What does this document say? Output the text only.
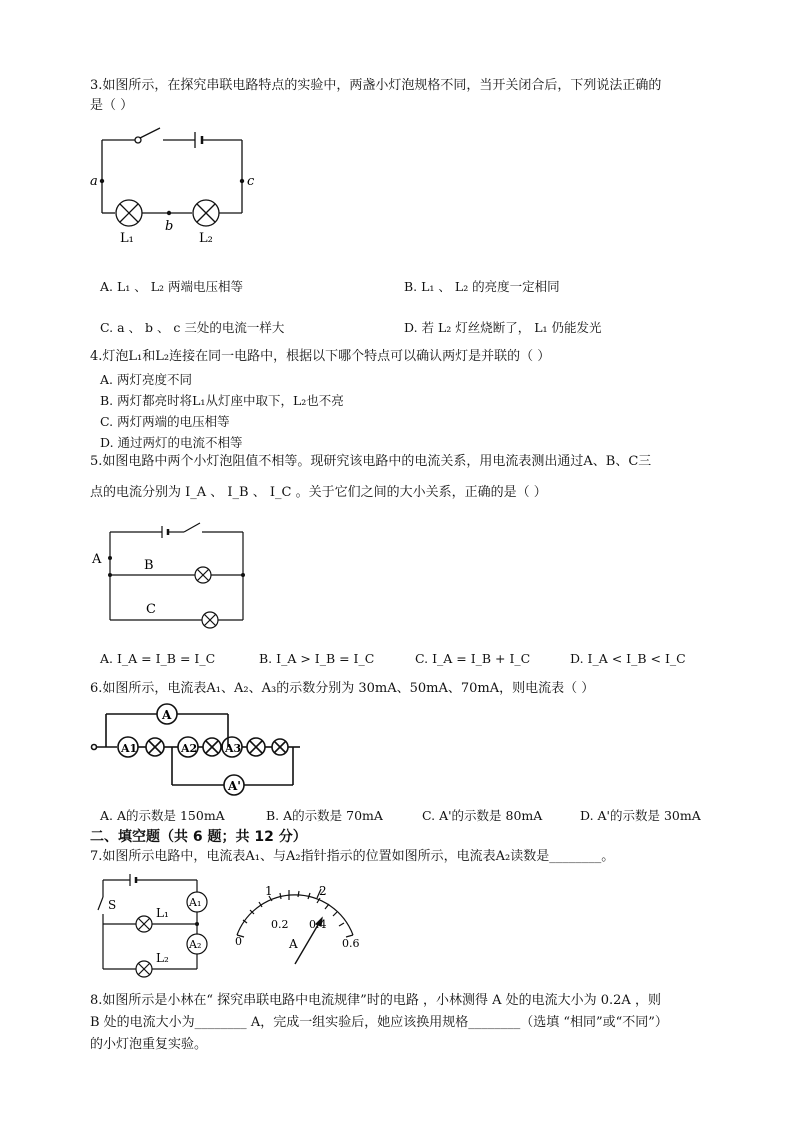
3.如图所示，在探究串联电路特点的实验中，两盏小灯泡规格不同，当开关闭合后，下列说法正确的
是（ ）
a	c
b
L₁	L₂
A. L₁ 、 L₂ 两端电压相等	B. L₁ 、 L₂ 的亮度一定相同
C. a 、 b 、 c 三处的电流一样大	D. 若 L₂ 灯丝烧断了， L₁ 仍能发光
4.灯泡L₁和L₂连接在同一电路中，根据以下哪个特点可以确认两灯是并联的（ ）
A. 两灯亮度不同
B. 两灯都亮时将L₁从灯座中取下，L₂也不亮
C. 两灯两端的电压相等
D. 通过两灯的电流不相等
5.如图电路中两个小灯泡阻值不相等。现研究该电路中的电流关系，用电流表测出通过A、B、C三
点的电流分别为 I_A 、 I_B 、 I_C 。关于它们之间的大小关系，正确的是（ ）
A	B
C
A. I_A = I_B = I_C	B. I_A > I_B = I_C	C. I_A = I_B + I_C	D. I_A < I_B < I_C
6.如图所示，电流表A₁、A₂、A₃的示数分别为 30mA、50mA、70mA，则电流表（ ）
A1	A2	A3
A
A'
A. A的示数是 150mA	B. A的示数是 70mA	C. A'的示数是 80mA	D. A'的示数是 30mA
二、填空题（共 6 题；共 12 分）
7.如图所示电路中，电流表A₁、与A₂指针指示的位置如图所示，电流表A₂读数是________。
S
L₁
L₂
A₁
A₂
1	2
0
0.2 0.4
0.6
A
8.如图所示是小林在“ 探究串联电路中电流规律”时的电路 ，小林测得 A 处的电流大小为 0.2A ，则
B 处的电流大小为________ A，完成一组实验后，她应该换用规格________（选填 “相同”或“不同”）
的小灯泡重复实验。
